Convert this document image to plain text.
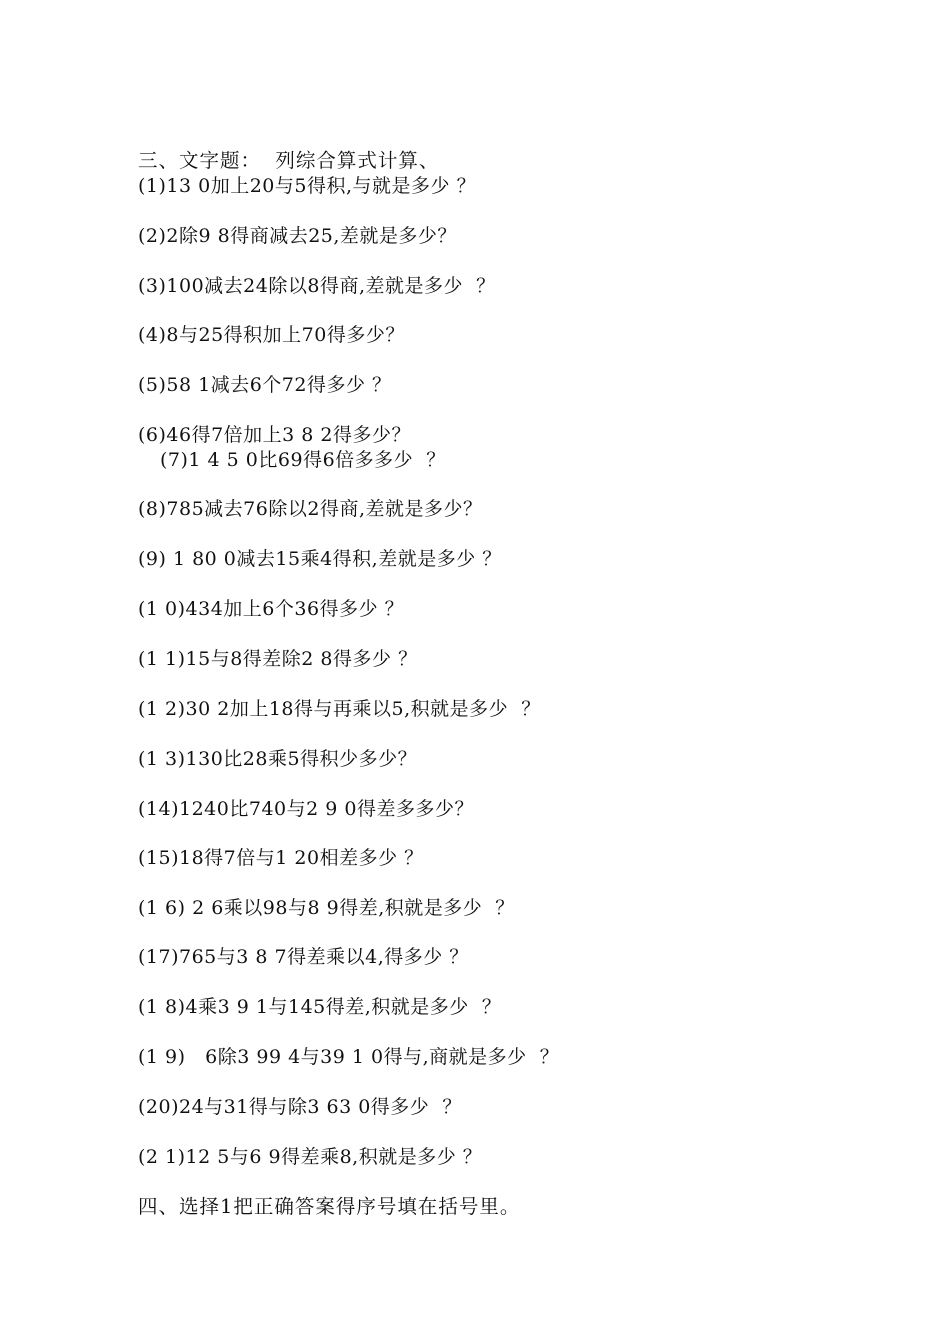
三、文字题：  列综合算式计算、
(1)13 0加上20与5得积,与就是多少 ？
(2)2除9 8得商减去25,差就是多少？
(3)100减去24除以8得商,差就是多少  ？
(4)8与25得积加上70得多少？
(5)58 1减去6个72得多少 ？
(6)46得7倍加上3 8 2得多少？
(7)1 4 5 0比69得6倍多多少  ？
(8)785减去76除以2得商,差就是多少？
(9) 1 80 0减去15乘4得积,差就是多少 ？
(1 0)434加上6个36得多少 ？
(1 1)15与8得差除2 8得多少 ？
(1 2)30 2加上18得与再乘以5,积就是多少  ？
(1 3)130比28乘5得积少多少？
(14)1240比740与2 9 0得差多多少？
(15)18得7倍与1 20相差多少 ？
(1 6) 2 6乘以98与8 9得差,积就是多少  ？
(17)765与3 8 7得差乘以4,得多少 ？
(1 8)4乘3 9 1与145得差,积就是多少  ？
(1 9)   6除3 99 4与39 1 0得与,商就是多少  ？
(20)24与31得与除3 63 0得多少  ？
(2 1)12 5与6 9得差乘8,积就是多少 ？
四、选择1把正确答案得序号填在括号里。
